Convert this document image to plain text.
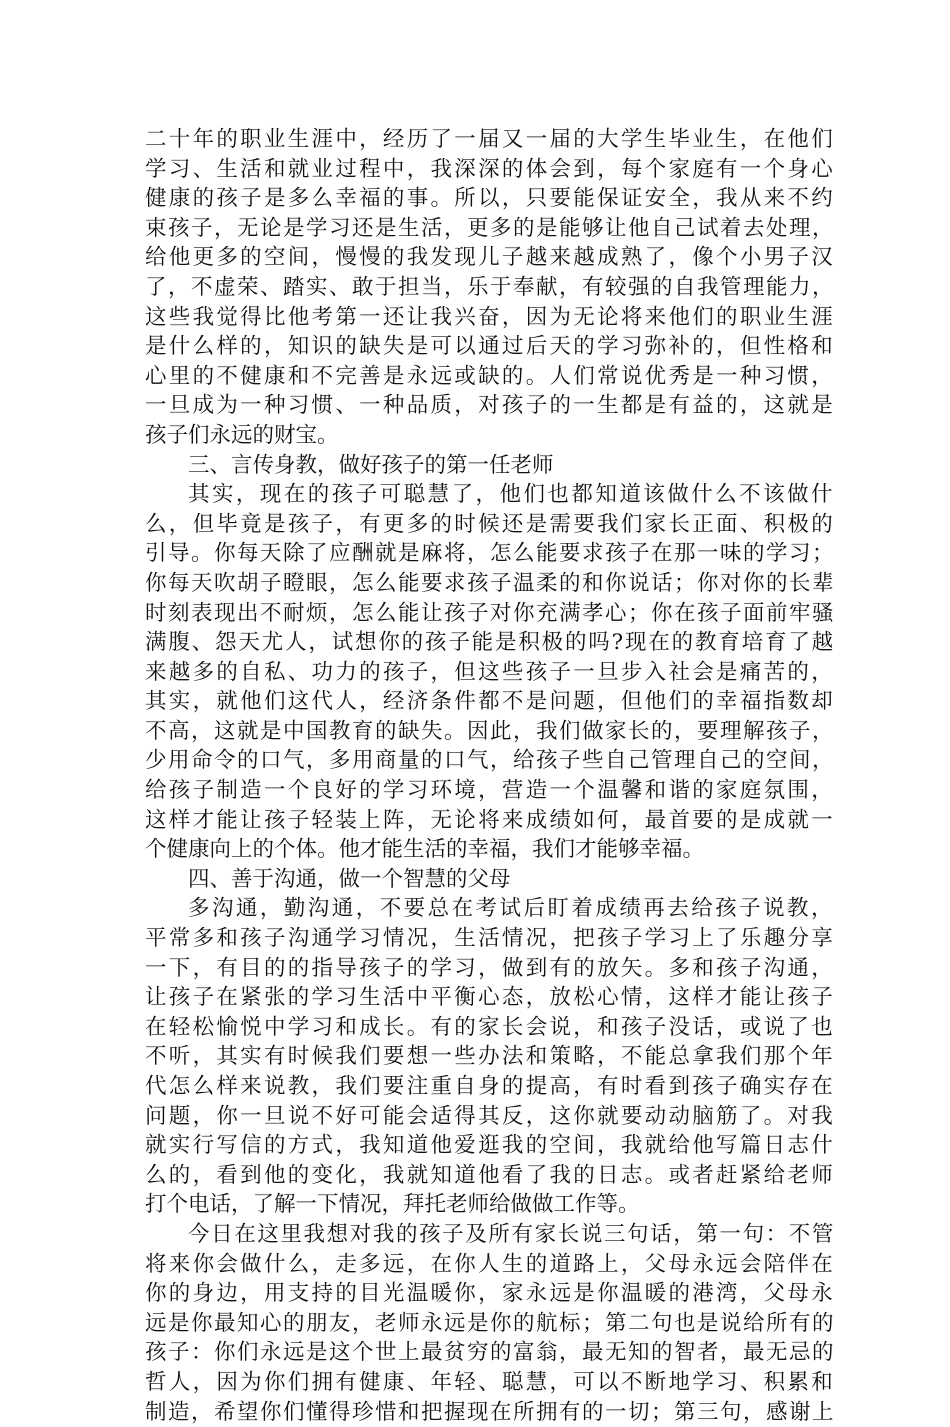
二十年的职业生涯中，经历了一届又一届的大学生毕业生，在他们
学习、生活和就业过程中，我深深的体会到，每个家庭有一个身心
健康的孩子是多么幸福的事。所以，只要能保证安全，我从来不约
束孩子，无论是学习还是生活，更多的是能够让他自己试着去处理，
给他更多的空间，慢慢的我发现儿子越来越成熟了，像个小男子汉
了，不虚荣、踏实、敢于担当，乐于奉献，有较强的自我管理能力，
这些我觉得比他考第一还让我兴奋，因为无论将来他们的职业生涯
是什么样的，知识的缺失是可以通过后天的学习弥补的，但性格和
心里的不健康和不完善是永远或缺的。人们常说优秀是一种习惯，
一旦成为一种习惯、一种品质，对孩子的一生都是有益的，这就是
孩子们永远的财宝。
三、言传身教，做好孩子的第一任老师
其实，现在的孩子可聪慧了，他们也都知道该做什么不该做什
么，但毕竟是孩子，有更多的时候还是需要我们家长正面、积极的
引导。你每天除了应酬就是麻将，怎么能要求孩子在那一味的学习；
你每天吹胡子瞪眼，怎么能要求孩子温柔的和你说话；你对你的长辈
时刻表现出不耐烦，怎么能让孩子对你充满孝心；你在孩子面前牢骚
满腹、怨天尤人，试想你的孩子能是积极的吗?现在的教育培育了越
来越多的自私、功力的孩子，但这些孩子一旦步入社会是痛苦的，
其实，就他们这代人，经济条件都不是问题，但他们的幸福指数却
不高，这就是中国教育的缺失。因此，我们做家长的，要理解孩子，
少用命令的口气，多用商量的口气，给孩子些自己管理自己的空间，
给孩子制造一个良好的学习环境，营造一个温馨和谐的家庭氛围，
这样才能让孩子轻装上阵，无论将来成绩如何，最首要的是成就一
个健康向上的个体。他才能生活的幸福，我们才能够幸福。
四、善于沟通，做一个智慧的父母
多沟通，勤沟通，不要总在考试后盯着成绩再去给孩子说教，
平常多和孩子沟通学习情况，生活情况，把孩子学习上了乐趣分享
一下，有目的的指导孩子的学习，做到有的放矢。多和孩子沟通，
让孩子在紧张的学习生活中平衡心态，放松心情，这样才能让孩子
在轻松愉悦中学习和成长。有的家长会说，和孩子没话，或说了也
不听，其实有时候我们要想一些办法和策略，不能总拿我们那个年
代怎么样来说教，我们要注重自身的提高，有时看到孩子确实存在
问题，你一旦说不好可能会适得其反，这你就要动动脑筋了。对我
就实行写信的方式，我知道他爱逛我的空间，我就给他写篇日志什
么的，看到他的变化，我就知道他看了我的日志。或者赶紧给老师
打个电话，了解一下情况，拜托老师给做做工作等。
今日在这里我想对我的孩子及所有家长说三句话，第一句：不管
将来你会做什么，走多远，在你人生的道路上，父母永远会陪伴在
你的身边，用支持的目光温暖你，家永远是你温暖的港湾，父母永
远是你最知心的朋友，老师永远是你的航标；第二句也是说给所有的
孩子：你们永远是这个世上最贫穷的富翁，最无知的智者，最无忌的
哲人，因为你们拥有健康、年轻、聪慧，可以不断地学习、积累和
制造，希望你们懂得珍惜和把握现在所拥有的一切；第三句，感谢上
